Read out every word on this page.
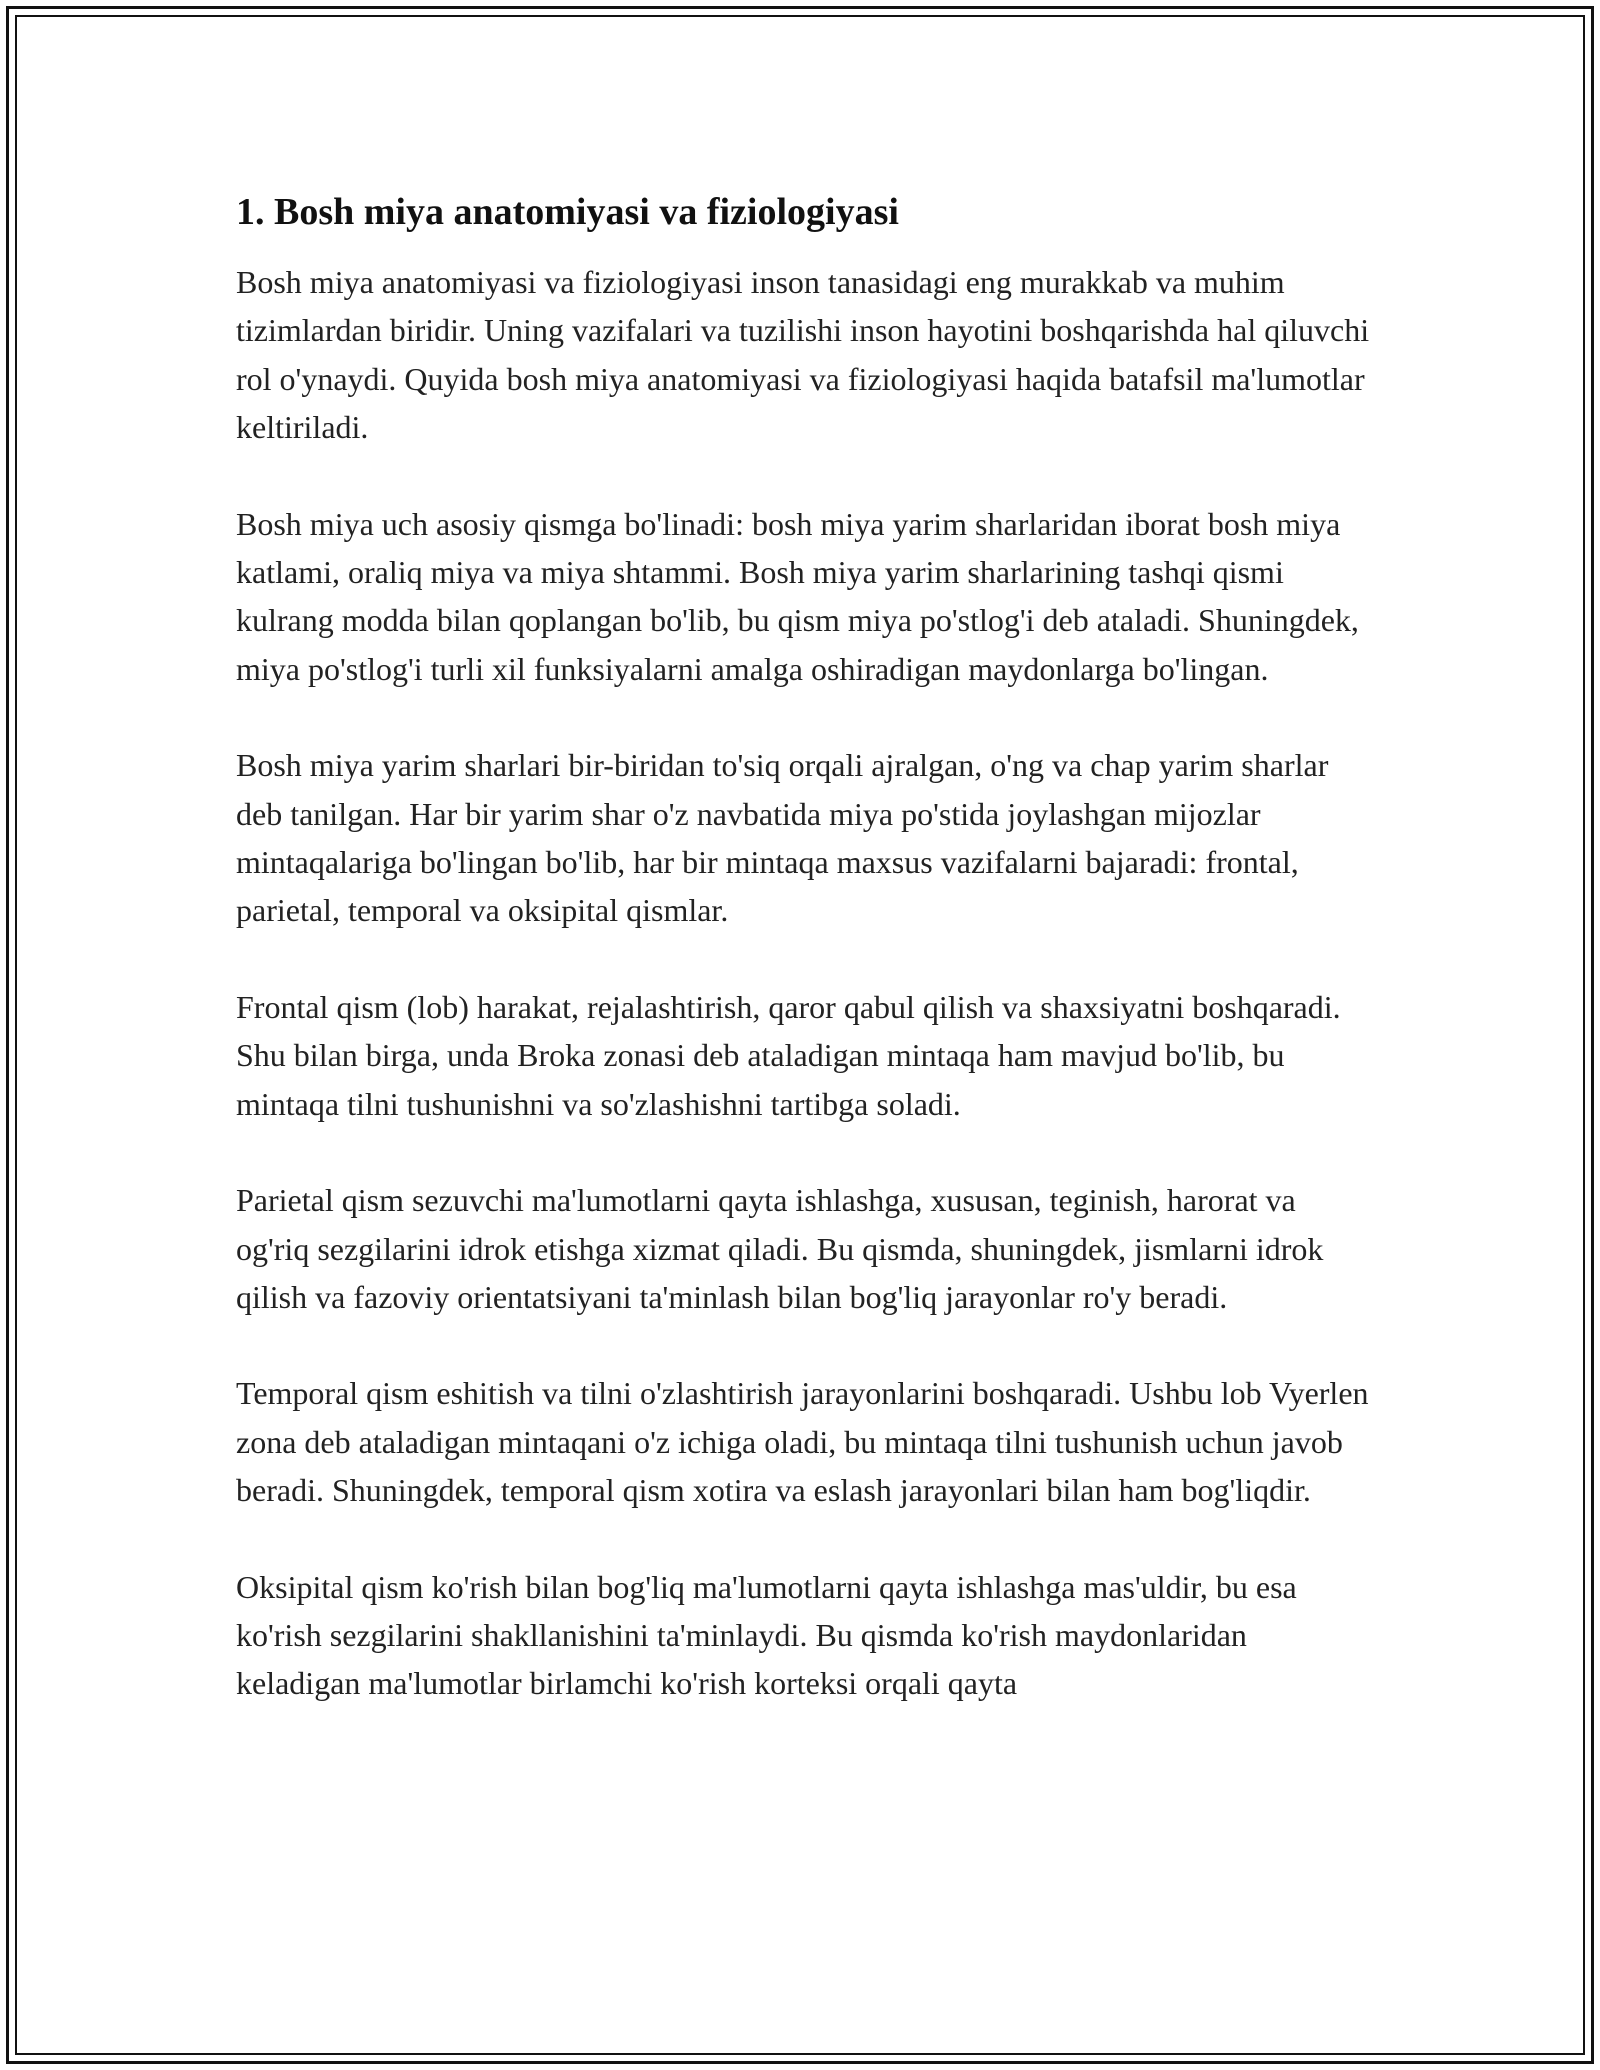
1. Bosh miya anatomiyasi va fiziologiyasi

Bosh miya anatomiyasi va fiziologiyasi inson tanasidagi eng murakkab va muhim tizimlardan biridir. Uning vazifalari va tuzilishi inson hayotini boshqarishda hal qiluvchi rol o'ynaydi. Quyida bosh miya anatomiyasi va fiziologiyasi haqida batafsil ma'lumotlar keltiriladi.

Bosh miya uch asosiy qismga bo'linadi: bosh miya yarim sharlaridan iborat bosh miya katlami, oraliq miya va miya shtammi. Bosh miya yarim sharlarining tashqi qismi kulrang modda bilan qoplangan bo'lib, bu qism miya po'stlog'i deb ataladi. Shuningdek, miya po'stlog'i turli xil funksiyalarni amalga oshiradigan maydonlarga bo'lingan.

Bosh miya yarim sharlari bir-biridan to'siq orqali ajralgan, o'ng va chap yarim sharlar deb tanilgan. Har bir yarim shar o'z navbatida miya po'stida joylashgan mijozlar mintaqalariga bo'lingan bo'lib, har bir mintaqa maxsus vazifalarni bajaradi: frontal, parietal, temporal va oksipital qismlar.

Frontal qism (lob) harakat, rejalashtirish, qaror qabul qilish va shaxsiyatni boshqaradi. Shu bilan birga, unda Broka zonasi deb ataladigan mintaqa ham mavjud bo'lib, bu mintaqa tilni tushunishni va so'zlashishni tartibga soladi.

Parietal qism sezuvchi ma'lumotlarni qayta ishlashga, xususan, teginish, harorat va og'riq sezgilarini idrok etishga xizmat qiladi. Bu qismda, shuningdek, jismlarni idrok qilish va fazoviy orientatsiyani ta'minlash bilan bog'liq jarayonlar ro'y beradi.

Temporal qism eshitish va tilni o'zlashtirish jarayonlarini boshqaradi. Ushbu lob Vyerlen zona deb ataladigan mintaqani o'z ichiga oladi, bu mintaqa tilni tushunish uchun javob beradi. Shuningdek, temporal qism xotira va eslash jarayonlari bilan ham bog'liqdir.

Oksipital qism ko'rish bilan bog'liq ma'lumotlarni qayta ishlashga mas'uldir, bu esa ko'rish sezgilarini shakllanishini ta'minlaydi. Bu qismda ko'rish maydonlaridan keladigan ma'lumotlar birlamchi ko'rish korteksi orqali qayta
